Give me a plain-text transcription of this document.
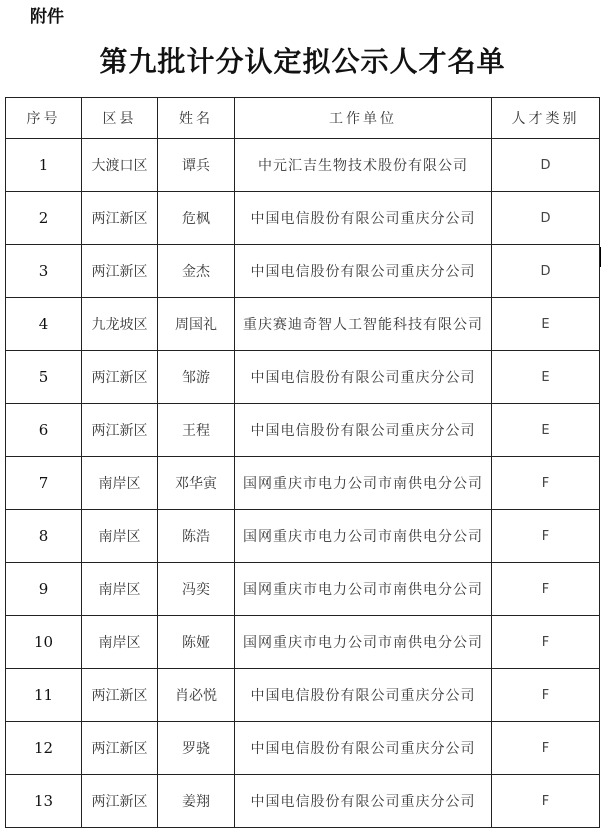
附件
第九批计分认定拟公示人才名单
序号	区县	姓名	工作单位	人才类别
1	大渡口区	谭兵	中元汇吉生物技术股份有限公司	D
2	两江新区	危枫	中国电信股份有限公司重庆分公司	D
3	两江新区	金杰	中国电信股份有限公司重庆分公司	D
4	九龙坡区	周国礼	重庆赛迪奇智人工智能科技有限公司	E
5	两江新区	邹游	中国电信股份有限公司重庆分公司	E
6	两江新区	王程	中国电信股份有限公司重庆分公司	E
7	南岸区	邓华寅	国网重庆市电力公司市南供电分公司	F
8	南岸区	陈浩	国网重庆市电力公司市南供电分公司	F
9	南岸区	冯奕	国网重庆市电力公司市南供电分公司	F
10	南岸区	陈娅	国网重庆市电力公司市南供电分公司	F
11	两江新区	肖必悦	中国电信股份有限公司重庆分公司	F
12	两江新区	罗骁	中国电信股份有限公司重庆分公司	F
13	两江新区	姜翔	中国电信股份有限公司重庆分公司	F
